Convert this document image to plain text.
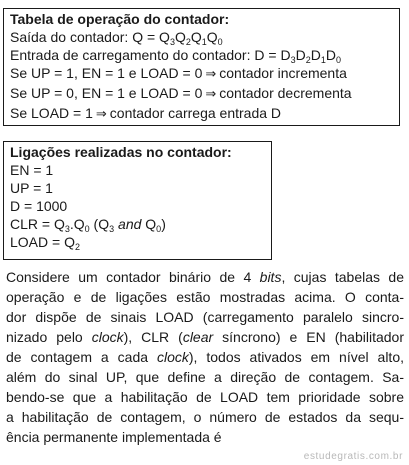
Tabela de operação do contador:
Saída do contador: $Q = Q_3Q_2Q_1Q_0$
Entrada de carregamento do contador: $D = D_3D_2D_1D_0$
Se UP = 1, EN = 1 e LOAD = 0 ⇒ contador incrementa
Se UP = 0, EN = 1 e LOAD = 0 ⇒ contador decrementa
Se LOAD = 1 ⇒ contador carrega entrada D
Ligações realizadas no contador:
EN = 1
UP = 1
D = 1000
CLR = $Q_3.Q_0$ ($Q_3$ and $Q_0$)
LOAD = $Q_2$
Considere um contador binário de 4 bits, cujas tabelas de
operação e de ligações estão mostradas acima. O conta-
dor dispõe de sinais LOAD (carregamento paralelo sincro-
nizado pelo clock), CLR (clear síncrono) e EN (habilitador
de contagem a cada clock), todos ativados em nível alto,
além do sinal UP, que define a direção de contagem. Sa-
bendo-se que a habilitação de LOAD tem prioridade sobre
a habilitação de contagem, o número de estados da sequ-
ência permanente implementada é
estudegratis.com.br
